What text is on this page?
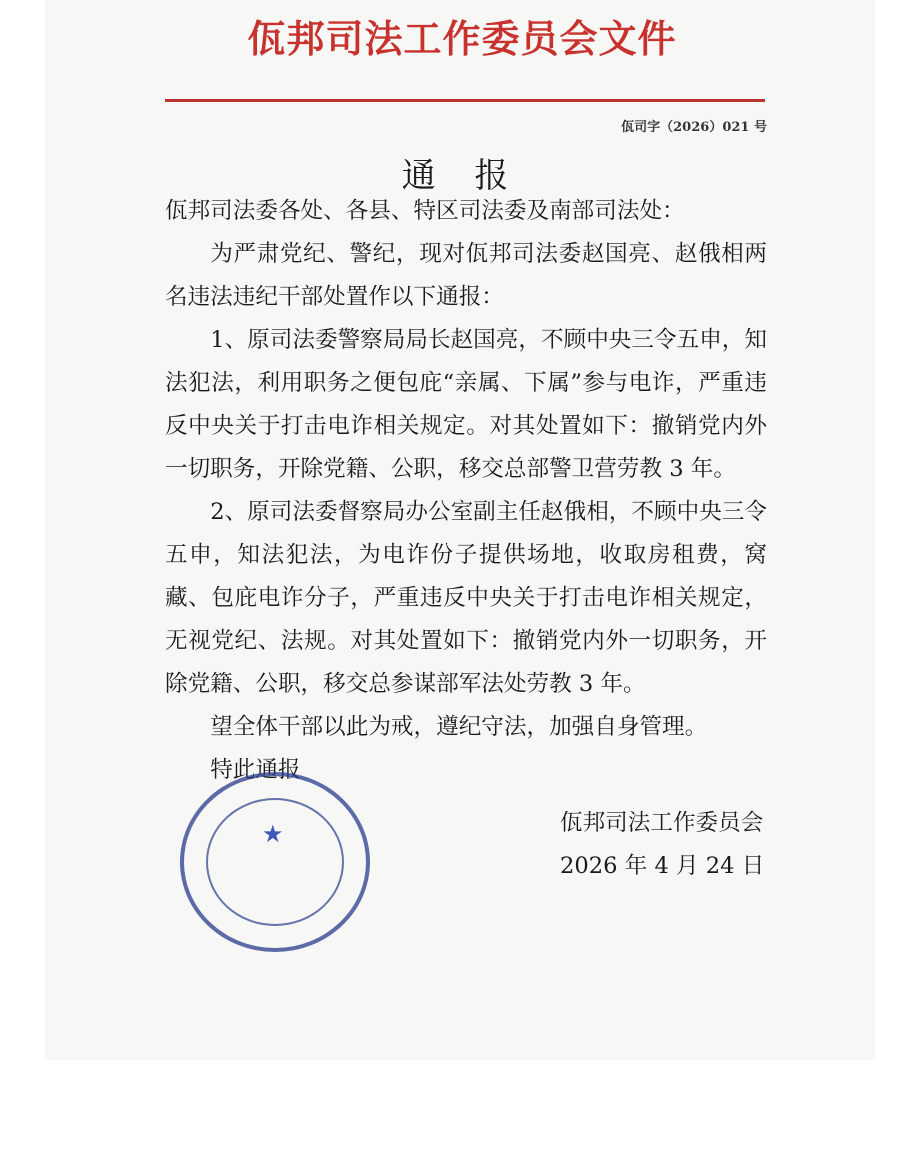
佤邦司法工作委员会文件
佤司字（2026）021 号
通 报

佤邦司法委各处、各县、特区司法委及南部司法处：

为严肃党纪、警纪，现对佤邦司法委赵国亮、赵俄相两名违法违纪干部处置作以下通报：

1、原司法委警察局局长赵国亮，不顾中央三令五申，知法犯法，利用职务之便包庇“亲属、下属”参与电诈，严重违反中央关于打击电诈相关规定。对其处置如下：撤销党内外一切职务，开除党籍、公职，移交总部警卫营劳教 3 年。

2、原司法委督察局办公室副主任赵俄相，不顾中央三令五申，知法犯法，为电诈份子提供场地，收取房租费，窝藏、包庇电诈分子，严重违反中央关于打击电诈相关规定，无视党纪、法规。对其处置如下：撤销党内外一切职务，开除党籍、公职，移交总参谋部军法处劳教 3 年。

望全体干部以此为戒，遵纪守法，加强自身管理。

特此通报

★	佤邦司法工作委员会
2026 年 4 月 24 日
